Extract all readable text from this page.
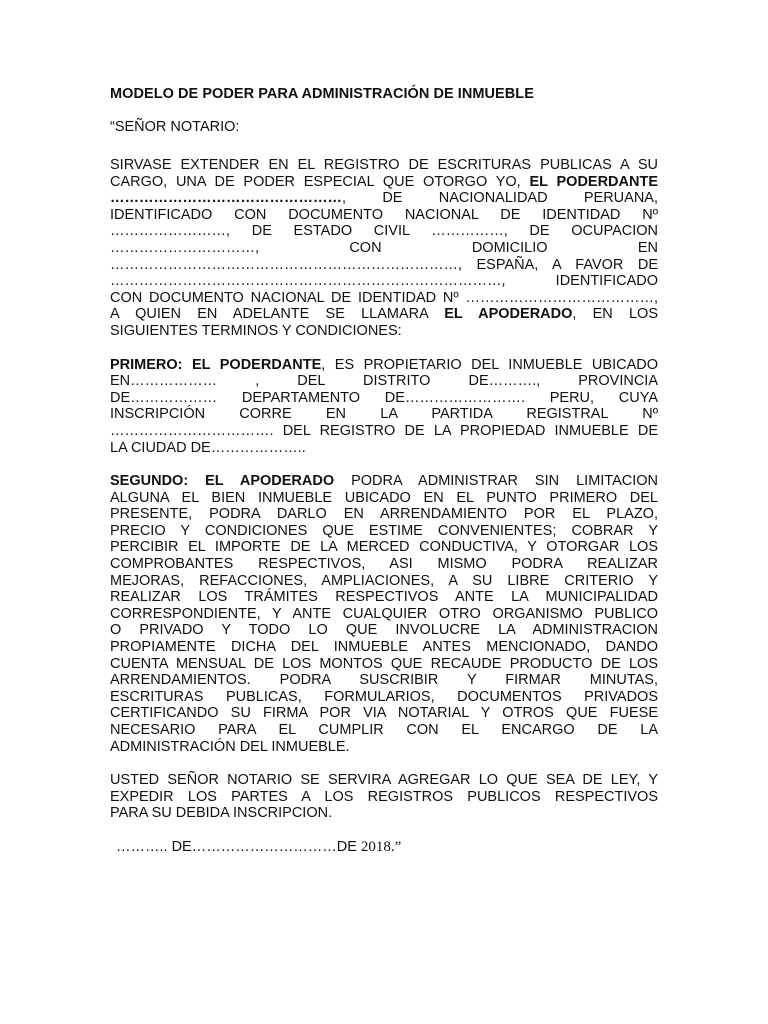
MODELO DE PODER PARA ADMINISTRACIÓN DE INMUEBLE
“SEÑOR NOTARIO:
SIRVASE EXTENDER EN EL REGISTRO DE ESCRITURAS PUBLICAS A SU
CARGO, UNA DE PODER ESPECIAL QUE OTORGO YO, EL PODERDANTE
…………………………………………, DE NACIONALIDAD PERUANA,
IDENTIFICADO CON DOCUMENTO NACIONAL DE IDENTIDAD Nº
……………………, DE ESTADO CIVIL ……………, DE OCUPACION
…………………………, CON DOMICILIO EN
………………………………………………………………, ESPAÑA, A FAVOR DE
………………………………………………………………………, IDENTIFICADO
CON DOCUMENTO NACIONAL DE IDENTIDAD Nº …………………………………,
A QUIEN EN ADELANTE SE LLAMARA EL APODERADO, EN LOS
SIGUIENTES TERMINOS Y CONDICIONES:
PRIMERO: EL PODERDANTE, ES PROPIETARIO DEL INMUEBLE UBICADO
EN……………… , DEL DISTRITO DE………., PROVINCIA
DE……………… DEPARTAMENTO DE……………………. PERU, CUYA
INSCRIPCIÓN CORRE EN LA PARTIDA REGISTRAL Nº
……………………………. DEL REGISTRO DE LA PROPIEDAD INMUEBLE DE
LA CIUDAD DE………………..
SEGUNDO: EL APODERADO PODRA ADMINISTRAR SIN LIMITACION
ALGUNA EL BIEN INMUEBLE UBICADO EN EL PUNTO PRIMERO DEL
PRESENTE, PODRA DARLO EN ARRENDAMIENTO POR EL PLAZO,
PRECIO Y CONDICIONES QUE ESTIME CONVENIENTES; COBRAR Y
PERCIBIR EL IMPORTE DE LA MERCED CONDUCTIVA, Y OTORGAR LOS
COMPROBANTES RESPECTIVOS, ASI MISMO PODRA REALIZAR
MEJORAS, REFACCIONES, AMPLIACIONES, A SU LIBRE CRITERIO Y
REALIZAR LOS TRÁMITES RESPECTIVOS ANTE LA MUNICIPALIDAD
CORRESPONDIENTE, Y ANTE CUALQUIER OTRO ORGANISMO PUBLICO
O PRIVADO Y TODO LO QUE INVOLUCRE LA ADMINISTRACION
PROPIAMENTE DICHA DEL INMUEBLE ANTES MENCIONADO, DANDO
CUENTA MENSUAL DE LOS MONTOS QUE RECAUDE PRODUCTO DE LOS
ARRENDAMIENTOS. PODRA SUSCRIBIR Y FIRMAR MINUTAS,
ESCRITURAS PUBLICAS, FORMULARIOS, DOCUMENTOS PRIVADOS
CERTIFICANDO SU FIRMA POR VIA NOTARIAL Y OTROS QUE FUESE
NECESARIO PARA EL CUMPLIR CON EL ENCARGO DE LA
ADMINISTRACIÓN DEL INMUEBLE.
USTED SEÑOR NOTARIO SE SERVIRA AGREGAR LO QUE SEA DE LEY, Y
EXPEDIR LOS PARTES A LOS REGISTROS PUBLICOS RESPECTIVOS
PARA SU DEBIDA INSCRIPCION.
……….. DE…………………………DE 2018.”
